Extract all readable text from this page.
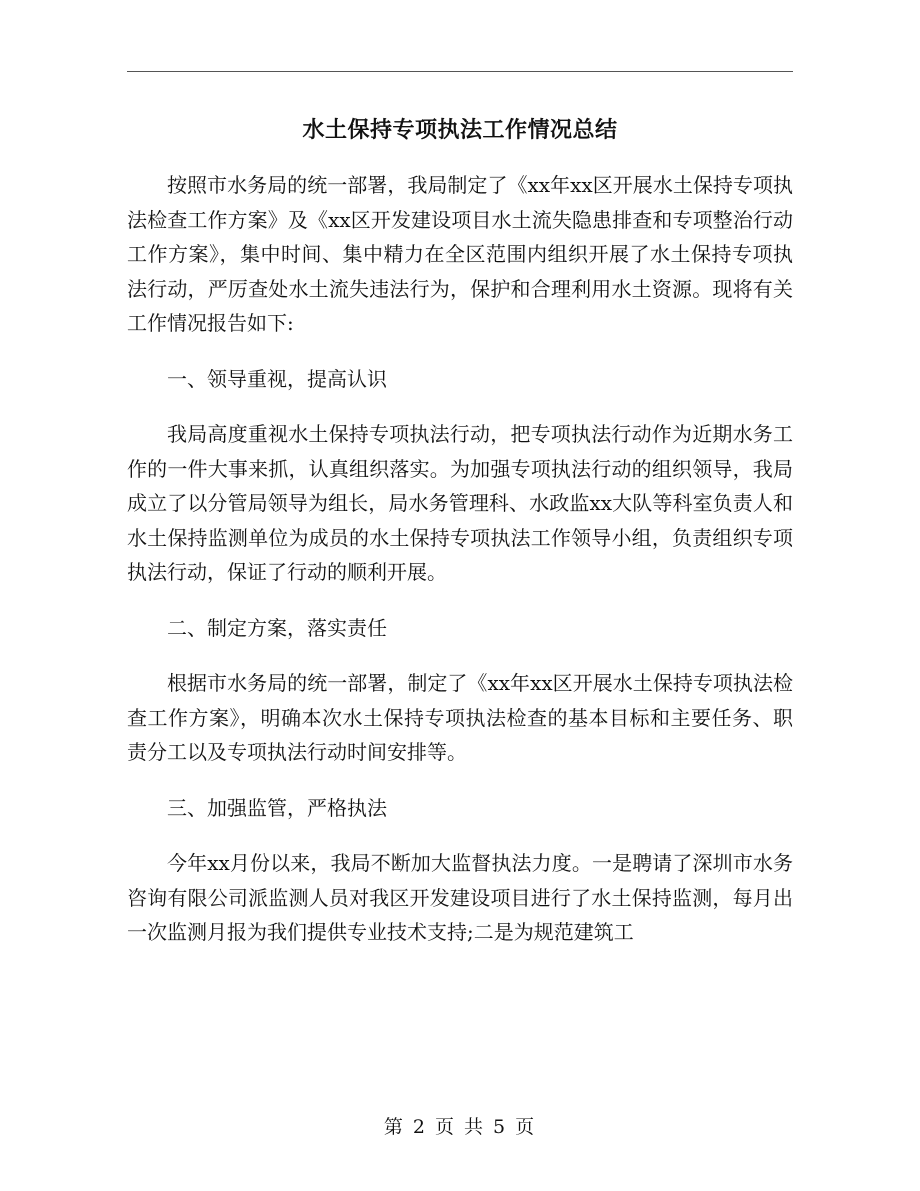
水土保持专项执法工作情况总结

按照市水务局的统一部署，我局制定了《xx年xx区开展水土保持专项执法检查工作方案》及《xx区开发建设项目水土流失隐患排查和专项整治行动工作方案》，集中时间、集中精力在全区范围内组织开展了水土保持专项执法行动，严厉查处水土流失违法行为，保护和合理利用水土资源。现将有关工作情况报告如下:

一、领导重视，提高认识

我局高度重视水土保持专项执法行动，把专项执法行动作为近期水务工作的一件大事来抓，认真组织落实。为加强专项执法行动的组织领导，我局成立了以分管局领导为组长，局水务管理科、水政监xx大队等科室负责人和水土保持监测单位为成员的水土保持专项执法工作领导小组，负责组织专项执法行动，保证了行动的顺利开展。

二、制定方案，落实责任

根据市水务局的统一部署，制定了《xx年xx区开展水土保持专项执法检查工作方案》，明确本次水土保持专项执法检查的基本目标和主要任务、职责分工以及专项执法行动时间安排等。

三、加强监管，严格执法

今年xx月份以来，我局不断加大监督执法力度。一是聘请了深圳市水务咨询有限公司派监测人员对我区开发建设项目进行了水土保持监测，每月出一次监测月报为我们提供专业技术支持;二是为规范建筑工

第 2 页 共 5 页
